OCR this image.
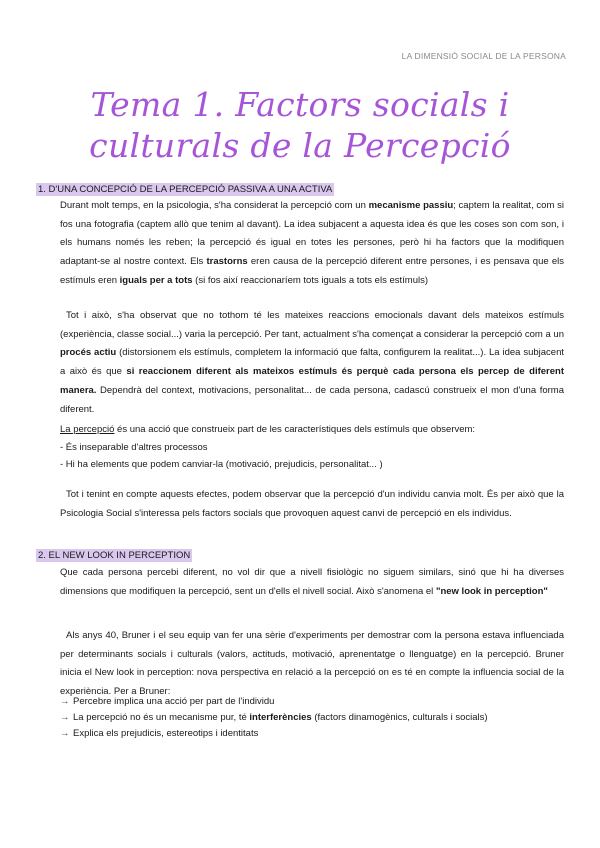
LA DIMENSIÓ SOCIAL DE LA PERSONA
Tema 1. Factors socials i
culturals de la Percepció
1. D'UNA CONCEPCIÓ DE LA PERCEPCIÓ PASSIVA A UNA ACTIVA

Durant molt temps, en la psicologia, s'ha considerat la percepció com un mecanisme passiu; captem la realitat, com si fos una fotografia (captem allò que tenim al davant). La idea subjacent a aquesta idea és que les coses son com son, i els humans només les reben; la percepció és igual en totes les persones, però hi ha factors que la modifiquen adaptant-se al nostre context. Els trastorns eren causa de la percepció diferent entre persones, i es pensava que els estímuls eren iguals per a tots (si fos així reaccionaríem tots iguals a tots els estímuls)

Tot i això, s'ha observat que no tothom té les mateixes reaccions emocionals davant dels mateixos estímuls (experiència, classe social...) varia la percepció. Per tant, actualment s'ha començat a considerar la percepció com a un procés actiu (distorsionem els estímuls, completem la informació que falta, configurem la realitat...). La idea subjacent a això és que si reaccionem diferent als mateixos estímuls és perquè cada persona els percep de diferent manera. Dependrà del context, motivacions, personalitat... de cada persona, cadascú construeix el mon d'una forma diferent.

La percepció és una acció que construeix part de les característiques dels estímuls que observem:

- És inseparable d'altres processos
- Hi ha elements que podem canviar-la (motivació, prejudicis, personalitat... )

Tot i tenint en compte aquests efectes, podem observar que la percepció d'un individu canvia molt. És per això que la Psicologia Social s'interessa pels factors socials que provoquen aquest canvi de percepció en els individus.

2. EL NEW LOOK IN PERCEPTION

Que cada persona percebi diferent, no vol dir que a nivell fisiològic no siguem similars, sinó que hi ha diverses dimensions que modifiquen la percepció, sent un d'ells el nivell social. Això s'anomena el "new look in perception"

Als anys 40, Bruner i el seu equip van fer una sèrie d'experiments per demostrar com la persona estava influenciada per determinants socials i culturals (valors, actituds, motivació, aprenentatge o llenguatge) en la percepció. Bruner inicia el New look in perception: nova perspectiva en relació a la percepció on es té en compte la influencia social de la experiència. Per a Bruner:

→ Percebre implica una acció per part de l'individu
→ La percepció no és un mecanisme pur, té interferències (factors dinamogènics, culturals i socials)
→ Explica els prejudicis, estereotips i identitats
